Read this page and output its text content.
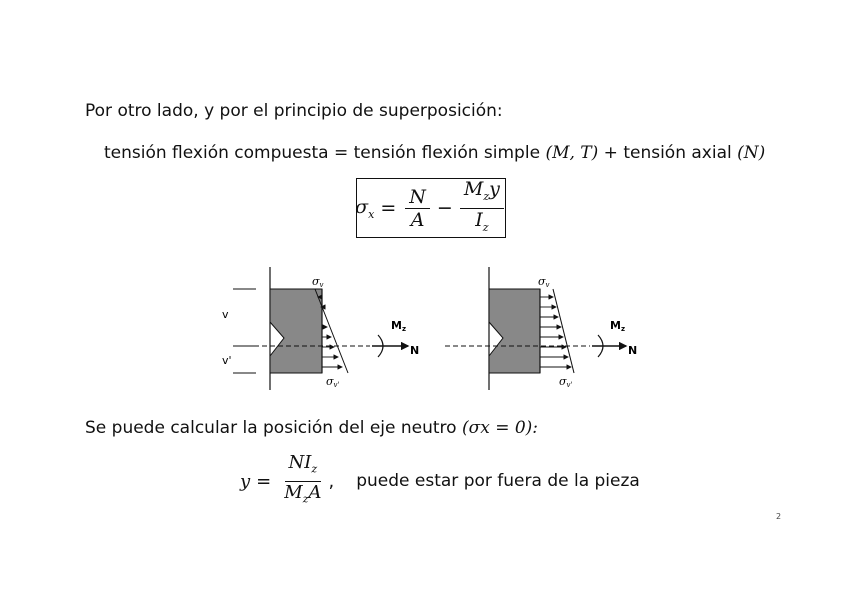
Por otro lado, y por el principio de superposición:
tensión flexión compuesta = tensión flexión simple (M, T) + tensión axial (N)
$\sigma_x = \frac{N}{A} - \frac{M_zy}{I_z}$
σv
σv'
v
v'
Mz
N
σv
σv'
Mz
N
Se puede calcular la posición del eje neutro (σx = 0):
$y = \frac{NI_z}{M_zA}$ , puede estar por fuera de la pieza
2
